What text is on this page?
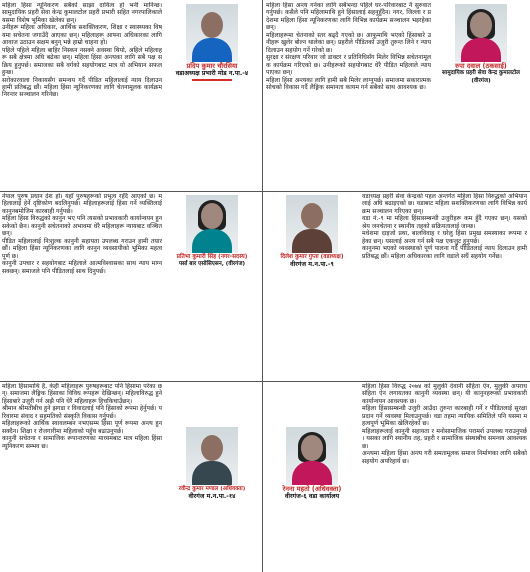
प्रदिप कुमार चौरसिया
वडाअध्यक्ष प्रभारी मोड न.पा.-४

महिला हिंसा न्यूनिकरण सबैको साझा दायित्व हो भनी मानिन्छ। सामुदायिक प्रहरी सेवा केन्द्र कुमालटोल प्रहरी प्रभारी सहित नगरपालिकाले यसमा विशेष भूमिका खेलेका छन्।

उनीहरू महिला अधिकार, आर्थिक सशक्तिकरण, शिक्षा र स्वास्थ्यका विषयमा सचेतना जगाउँदै आएका छन्। महिलाहरू आफ्ना अधिकारका लागि आवाज उठाउन सक्षम बनुन् भन्ने हाम्रो चाहना हो।

पहिले पहिले महिला बाहिर निस्कन नसक्ने अवस्था थियो, अहिले महिलाहरू सबै क्षेत्रमा अघि बढेका छन्। महिला हिंसा अन्त्यका लागि सबै पक्ष सक्रिय हुनुपर्छ। समाजका सबै वर्गको सहयोगबाट मात्र यो अभियान सफल हुन्छ।

सरोकारवाला निकायसँग समन्वय गर्दै पीडित महिलालाई न्याय दिलाउन हामी प्रतिबद्ध छौं। महिला हिंसा न्यूनिकरणका लागि चेतनामूलक कार्यक्रम निरन्तर सञ्चालन गरिनेछ।

रुपा दवाल (ठकसाई)
सामुदायिक प्रहरी सेवा केन्द्र कुमालटोल (वीरगंज)

महिला हिंसा अन्त्य गर्नका लागि सबैभन्दा पहिले घर-परिवारबाट नै सुरुवात गर्नुपर्छ। कसैले पनि महिलामाथि हुने हिंसालाई सहनुहुँदैन। नगर, जिल्ला र प्रदेशमा महिला हिंसा न्यूनिकरणका लागि विभिन्न कार्यक्रम सञ्चालन भइरहेका छन्।

महिलाहरूमा चेतनाको स्तर बढ्दै गएको छ। आफूमाथि भएको हिंसाबारे उनीहरू खुलेर बोल्न थालेका छन्। प्रहरीले पीडितको उजुरी तुरुन्त लिने र न्याय दिलाउन सहयोग गर्ने गरेको छ।

सुरक्षा र संरक्षण परिवार जो डाक्टर र प्रतिनिधिसँग मिलेर विभिन्न सचेतनामूलक कार्यक्रम गरिएको छ। उनीहरूको सहयोगबाट धेरै पीडित महिलाले न्याय पाएका छन्।

महिला हिंसा अन्त्यका लागि हामी सबै मिलेर लाग्नुपर्छ। समाजमा सकारात्मक सोचको विकास गर्दै लैङ्गिक समानता कायम गर्न सबैको साथ आवश्यक छ।

प्रतिभा कुमारी सिंह (नगर-सदस्य)
पर्सा बार एसोसिएसन, (वीरगंज)

नेपाल पुरुष प्रधान देश हो। यहाँ पुरुषहरूको प्रभुत्व रहँदै आएको छ। महिलालाई हेर्ने दृष्टिकोण बदलिनुपर्छ। महिलाहरूलाई हिंसा गर्ने व्यक्तिलाई कानुनबमोजिम कारबाही गर्नुपर्छ।

महिला हिंसा विरुद्धको कानुन भए पनि त्यसको प्रभावकारी कार्यान्वयन हुन सकेको छैन। कानुनी सचेतनाको अभावमा धेरै महिलाहरू न्यायबाट वञ्चित छन्।

पीडित महिलालाई निःशुल्क कानुनी सहायता उपलब्ध गराउन हामी तयार छौं। महिला हिंसा न्यूनिकरणका लागि कानुन व्यवसायीको भूमिका महत्वपूर्ण छ।

कानुनी उपचार र सहयोगबाट महिलाले आत्मविश्वासका साथ न्याय माग्न सक्छन्। समाजले पनि पीडितलाई साथ दिनुपर्छ।

दिलेश कुमार गुप्ता (वडाध्यक्ष)
वीरगंज म.न.पा.-९

वडाध्यक्ष प्रहरी सेवा केन्द्रको पहल अन्तर्गत महिला हिंसा विरुद्धको अभियानलाई अघि बढाइएको छ। वडाबाट महिला सशक्तिकरणका लागि विभिन्न कार्यक्रम सञ्चालन गरिएका छन्।

वडा नं.-९ मा महिला हिंसासम्बन्धी उजुरीहरू कम हुँदै गएका छन्। यसको श्रेय जनचेतना र स्थानीय तहको सक्रियतालाई जान्छ।

मधेशमा दाइजो प्रथा, बालविवाह र घरेलु हिंसा प्रमुख समस्याका रूपमा रहेका छन्। यसलाई अन्त्य गर्न सबै पक्ष एकजुट हुनुपर्छ।

कानुनमा भएको व्यवस्थाको पूर्ण पालना गर्दै पीडितलाई न्याय दिलाउन हामी प्रतिबद्ध छौं। महिला अधिकारका लागि वडाले सधैं सहयोग गर्नेछ।

रवीन्द्र कुमार मण्डल (अधिवक्ता)
वीरगंज म.न.पा.-१४

महिला हिंसामाथि है, केही महिलाहरू पुरुषहरूबाट पनि हिंसामा परेका छन्। समाजमा लैङ्गिक हिंसाका विविध रूपहरू देखिन्छन्। महिलाविरुद्ध हुने हिंसाबारे उजुरी गर्न अझै पनि धेरै महिलाहरू हिचकिचाउँछन्।

श्रीमान श्रीमतीबीच हुने झगडा र विवादलाई पनि हिंसाको रूपमा हेर्नुपर्छ। परिवारमा संवाद र सहमतिको संस्कृति विकास गर्नुपर्छ।

महिलाहरूको आर्थिक स्वावलम्बन नभएसम्म हिंसा पूर्ण रूपमा अन्त्य हुन सक्दैन। शिक्षा र रोजगारीमा महिलाको पहुँच बढाउनुपर्छ।

कानुनी सचेतना र सामाजिक रूपान्तरणका माध्यमबाट मात्र महिला हिंसा न्यूनिकरण सम्भव छ।

रेनना महतो (अधिवक्ता)
वीरगंज-६ वडा कार्यालय

महिला हिंसा विरुद्ध २०७४ को मुलुकी देवानी संहिता ऐन, मुलुकी अपराध संहिता ऐन लगायतका कानुनी व्यवस्था छन्। यी कानुनहरूको प्रभावकारी कार्यान्वयन आवश्यक छ।

महिला हिंसासम्बन्धी उजुरी आउँदा तुरुन्त कारबाही गर्ने र पीडितलाई सुरक्षा प्रदान गर्ने व्यवस्था मिलाउनुपर्छ। वडा तहमा न्यायिक समितिले पनि यसमा महत्वपूर्ण भूमिका खेलिरहेको छ।

महिलाहरूलाई कानुनी सहायता र मनोसामाजिक परामर्श उपलब्ध गराउनुपर्छ। यसका लागि स्थानीय तह, प्रहरी र सामाजिक संस्थाबीच समन्वय आवश्यक छ।

अन्त्यमा महिला हिंसा अन्त्य गरी समतामूलक समाज निर्माणका लागि सबैको सहयोग अपरिहार्य छ।
